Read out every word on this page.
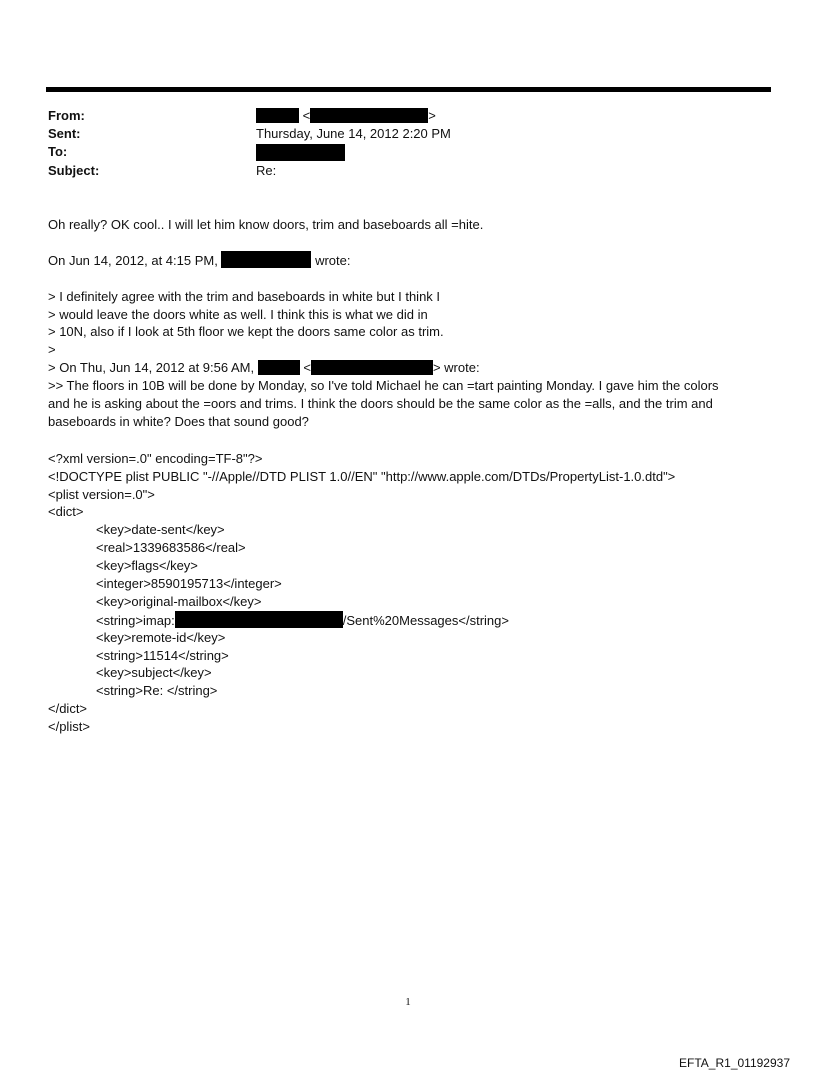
From:	<	>
Sent:	Thursday, June 14, 2012 2:20 PM
To:
Subject:	Re:
Oh really? OK cool.. I will let him know doors, trim and baseboards all =hite.
On Jun 14, 2012, at 4:15 PM,	wrote:
> I definitely agree with the trim and baseboards in white but I think I
> would leave the doors white as well. I think this is what we did in
> 10N, also if I look at 5th floor we kept the doors same color as trim.
>
> On Thu, Jun 14, 2012 at 9:56 AM,	<	> wrote:
>> The floors in 10B will be done by Monday, so I've told Michael he can =tart painting Monday. I gave him the colors
and he is asking about the =oors and trims. I think the doors should be the same color as the =alls, and the trim and
baseboards in white? Does that sound good?
<?xml version=.0" encoding=TF-8"?>
<!DOCTYPE plist PUBLIC "-//Apple//DTD PLIST 1.0//EN" "http://www.apple.com/DTDs/PropertyList-1.0.dtd">
<plist version=.0">
<dict>
<key>date-sent</key>
<real>1339683586</real>
<key>flags</key>
<integer>8590195713</integer>
<key>original-mailbox</key>
<string>imap:	/Sent%20Messages</string>
<key>remote-id</key>
<string>11514</string>
<key>subject</key>
<string>Re: </string>
</dict>
</plist>
1
EFTA_R1_01192937
